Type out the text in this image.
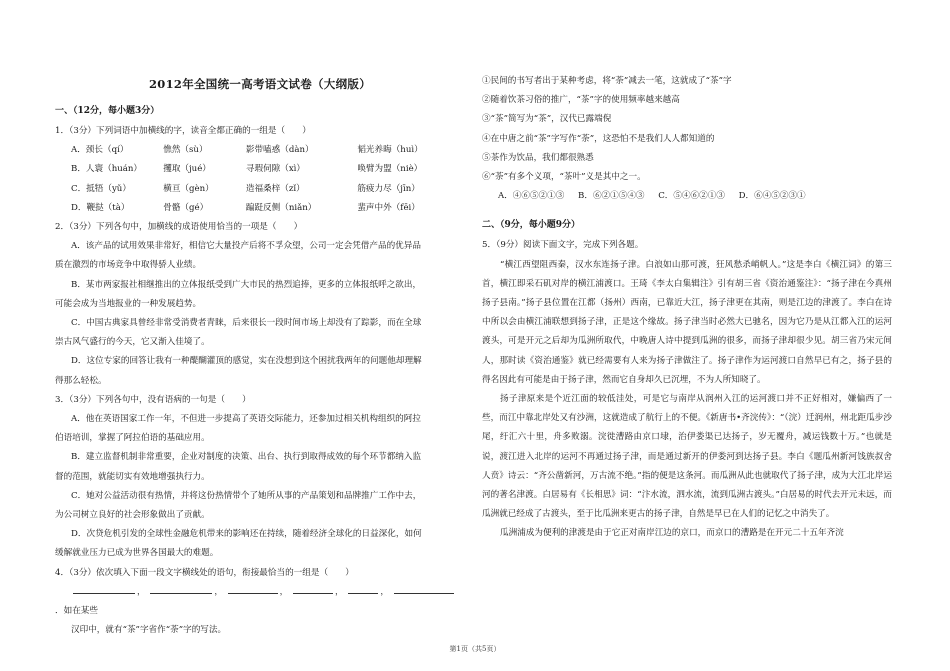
2012年全国统一高考语文试卷（大纲版）
一、（12分，每小题3分）
1．（3分）下列词语中加横线的字，读音全都正确的一组是（　　）
A．颈长（qí）	憔然（sù）	影带嗑惑（dàn）	韬光养晦（huì）
B．人寰（huán）	攫取（jué）	寻瑕伺隙（xì）	唤臂为盟（niè）
C．抵牾（yǔ）	横亘（gèn）	造福桑梓（zǐ）	筋疲力尽（jīn）
D．鞭挞（tà）	骨骼（gé）	蹁跹反侧（niǎn）	蜚声中外（fēi）
2．（3分）下列各句中，加横线的成语使用恰当的一项是（　　）
A．该产品的试用效果非常好，相信它大量投产后将不孚众望，公司一定会凭借产品的优异品
质在激烈的市场竞争中取得骄人业绩。
B．某市两家报社相继推出的立体报纸受到广大市民的热烈追捧，更多的立体报纸呼之欲出，
可能会成为当地报业的一种发展趋势。
C．中国古典家具曾经非常受消费者青睐，后来很长一段时间市场上却没有了踪影，而在全球
崇古风气盛行的今天，它又渐入佳境了。
D．这位专家的回答让我有一种醍醐灌顶的感觉，实在没想到这个困扰我两年的问题他却理解
得那么轻松。
3．（3分）下列各句中，没有语病的一句是（　　）
A．他在英语国家工作一年，不但进一步提高了英语交际能力，还参加过相关机构组织的阿拉
伯语培训，掌握了阿拉伯语的基础应用。
B．建立监督机制非常重要，企业对制度的决策、出台、执行到取得成效的每个环节都纳入监
督的范围，就能切实有效地增强执行力。
C．她对公益活动很有热情，并将这份热情带个了她所从事的产品策划和品牌推广工作中去，
为公司树立良好的社会形象做出了贡献。
D．次贷危机引发的全球性金融危机带来的影响还在持续，随着经济全球化的日益深化，如何
缓解就业压力已成为世界各国最大的难题。
4．（3分）依次填入下面一段文字横线处的语句，衔接最恰当的一组是（　　）
，	，	，	，	， ．如在某些
汉印中，就有“茶”字省作“荼”字的写法。
①民间的书写者出于某种考虑，将“荼”减去一笔，这就成了“茶”字
②随着饮茶习俗的推广，“茶”字的使用频率越来越高
③“茶”简写为“茶”，汉代已露端倪
④在中唐之前“茶”字写作“荼”，这恐怕不是我们人人都知道的
⑤茶作为饮品，我们都很熟悉
⑥“荼”有多个义项，“茶叶”义是其中之一。
A．④⑥⑤②①③ B．⑥②①⑤④③ C．⑤④⑥②①③ D．⑥④⑤②③①
二、（9分，每小题9分）
5．（9分）阅读下面文字，完成下列各题。
“横江西望阻西秦，汉水东连扬子津。白浪如山那可渡，狂风愁杀峭帆人。”这是李白《横江词》的第三首，横江即采石矶对岸的横江浦渡口。王琦《李太白集辑注》引有胡三省《资治通鉴注》：“扬子津在今真州扬子县南。”扬子县位置在江都（扬州）西南，已靠近大江，扬子津更在其南，则是江边的津渡了。李白在诗中所以会由横江浦联想到扬子津，正是这个缘故。扬子津当时必然大已驰名，因为它乃是从江都入江的运河渡头，可是开元之后却为瓜洲所取代，中晚唐人诗中提到瓜洲的很多，而扬子津却很少见。胡三省乃宋元间人，那时读《资治通鉴》就已经需要有人来为扬子津做注了。扬子津作为运河渡口自然早已有之，扬子县的得名因此有可能是由于扬子津，然而它自身却久已沉埋，不为人所知晓了。
扬子津原来是个近江面的较低洼处，可是它与南岸从润州入江的运河渡口并不正好相对，嫌偏西了一些，而江中靠北岸处又有沙洲，这就造成了航行上的不便。《新唐书•齐浣传》：“（浣）迁润州，州北距瓜步沙尾，纡汇六十里，舟多败溺。浣徙漕路由京口埭，治伊娄渠已达扬子，岁无覆舟，减运钱数十万。”也就是说，渡江进入北岸的运河不再通过扬子津，而是通过新开的伊娄河到达扬子县。李白《题瓜州新河饯族叔舍人贲》诗云：“齐公凿新河，万古流不绝。”指的便是这条河。而瓜洲从此也就取代了扬子津，成为大江北岸运河的著名津渡。白居易有《长相思》词：“汴水流，泗水流，流到瓜洲古渡头。”白居易的时代去开元未远，而瓜洲就已经成了古渡头，至于比瓜洲来更古的扬子津，自然是早已在人们的记忆之中消失了。
瓜洲浦成为便利的津渡是由于它正对南岸江边的京口，而京口的漕路是在开元二十五年齐浣
第1页（共5页）
